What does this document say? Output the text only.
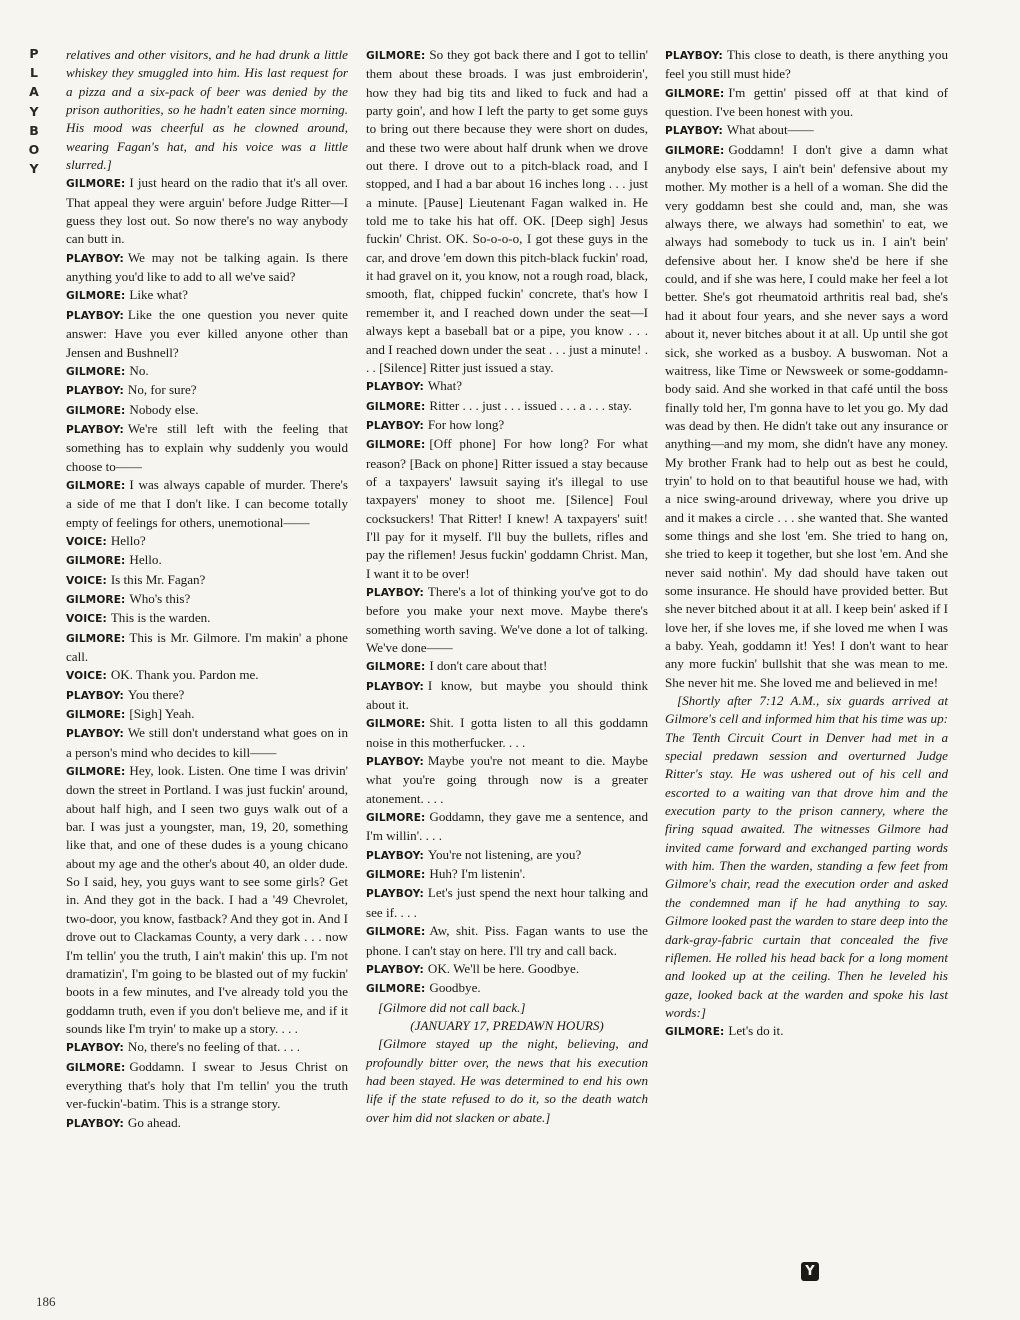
P
L
A
Y
B
O
Y

relatives and other visitors, and he had drunk a little whiskey they smuggled into him. His last request for a pizza and a six-pack of beer was denied by the prison authorities, so he hadn't eaten since morning. His mood was cheerful as he clowned around, wearing Fagan's hat, and his voice was a little slurred.]

GILMORE: I just heard on the radio that it's all over. That appeal they were arguin' before Judge Ritter—I guess they lost out. So now there's no way anybody can butt in.

PLAYBOY: We may not be talking again. Is there anything you'd like to add to all we've said?

GILMORE: Like what?

PLAYBOY: Like the one question you never quite answer: Have you ever killed anyone other than Jensen and Bushnell?

GILMORE: No.

PLAYBOY: No, for sure?

GILMORE: Nobody else.

PLAYBOY: We're still left with the feeling that something has to explain why suddenly you would choose to——

GILMORE: I was always capable of murder. There's a side of me that I don't like. I can become totally empty of feelings for others, unemotional——

VOICE: Hello?

GILMORE: Hello.

VOICE: Is this Mr. Fagan?

GILMORE: Who's this?

VOICE: This is the warden.

GILMORE: This is Mr. Gilmore. I'm makin' a phone call.

VOICE: OK. Thank you. Pardon me.

PLAYBOY: You there?

GILMORE: [Sigh] Yeah.

PLAYBOY: We still don't understand what goes on in a person's mind who decides to kill——

GILMORE: Hey, look. Listen. One time I was drivin' down the street in Portland. I was just fuckin' around, about half high, and I seen two guys walk out of a bar. I was just a youngster, man, 19, 20, something like that, and one of these dudes is a young chicano about my age and the other's about 40, an older dude. So I said, hey, you guys want to see some girls? Get in. And they got in the back. I had a '49 Chevrolet, two-door, you know, fastback? And they got in. And I drove out to Clackamas County, a very dark . . . now I'm tellin' you the truth, I ain't makin' this up. I'm not dramatizin', I'm going to be blasted out of my fuckin' boots in a few minutes, and I've already told you the goddamn truth, even if you don't believe me, and if it sounds like I'm tryin' to make up a story. . . .

PLAYBOY: No, there's no feeling of that. . . .

GILMORE: Goddamn. I swear to Jesus Christ on everything that's holy that I'm tellin' you the truth ver-fuckin'-batim. This is a strange story.

PLAYBOY: Go ahead.

GILMORE: So they got back there and I got to tellin' them about these broads. I was just embroiderin', how they had big tits and liked to fuck and had a party goin', and how I left the party to get some guys to bring out there because they were short on dudes, and these two were about half drunk when we drove out there. I drove out to a pitch-black road, and I stopped, and I had a bar about 16 inches long . . . just a minute. [Pause] Lieutenant Fagan walked in. He told me to take his hat off. OK. [Deep sigh] Jesus fuckin' Christ. OK. So-o-o-o, I got these guys in the car, and drove 'em down this pitch-black fuckin' road, it had gravel on it, you know, not a rough road, black, smooth, flat, chipped fuckin' concrete, that's how I remember it, and I reached down under the seat—I always kept a baseball bat or a pipe, you know . . . and I reached down under the seat . . . just a minute! . . . [Silence] Ritter just issued a stay.

PLAYBOY: What?

GILMORE: Ritter . . . just . . . issued . . . a . . . stay.

PLAYBOY: For how long?

GILMORE: [Off phone] For how long? For what reason? [Back on phone] Ritter issued a stay because of a taxpayers' lawsuit saying it's illegal to use taxpayers' money to shoot me. [Silence] Foul cocksuckers! That Ritter! I knew! A taxpayers' suit! I'll pay for it myself. I'll buy the bullets, rifles and pay the riflemen! Jesus fuckin' goddamn Christ. Man, I want it to be over!

PLAYBOY: There's a lot of thinking you've got to do before you make your next move. Maybe there's something worth saving. We've done a lot of talking. We've done——

GILMORE: I don't care about that!

PLAYBOY: I know, but maybe you should think about it.

GILMORE: Shit. I gotta listen to all this goddamn noise in this motherfucker. . . .

PLAYBOY: Maybe you're not meant to die. Maybe what you're going through now is a greater atonement. . . .

GILMORE: Goddamn, they gave me a sentence, and I'm willin'. . . .

PLAYBOY: You're not listening, are you?

GILMORE: Huh? I'm listenin'.

PLAYBOY: Let's just spend the next hour talking and see if. . . .

GILMORE: Aw, shit. Piss. Fagan wants to use the phone. I can't stay on here. I'll try and call back.

PLAYBOY: OK. We'll be here. Goodbye.

GILMORE: Goodbye.

[Gilmore did not call back.]

(JANUARY 17, PREDAWN HOURS)

[Gilmore stayed up the night, believing, and profoundly bitter over, the news that his execution had been stayed. He was determined to end his own life if the state refused to do it, so the death watch over him did not slacken or abate.]

PLAYBOY: This close to death, is there anything you feel you still must hide?

GILMORE: I'm gettin' pissed off at that kind of question. I've been honest with you.

PLAYBOY: What about——

GILMORE: Goddamn! I don't give a damn what anybody else says, I ain't bein' defensive about my mother. My mother is a hell of a woman. She did the very goddamn best she could and, man, she was always there, we always had somethin' to eat, we always had somebody to tuck us in. I ain't bein' defensive about her. I know she'd be here if she could, and if she was here, I could make her feel a lot better. She's got rheumatoid arthritis real bad, she's had it about four years, and she never says a word about it, never bitches about it at all. Up until she got sick, she worked as a busboy. A buswoman. Not a waitress, like Time or Newsweek or some-goddamn-body said. And she worked in that café until the boss finally told her, I'm gonna have to let you go. My dad was dead by then. He didn't take out any insurance or anything—and my mom, she didn't have any money. My brother Frank had to help out as best he could, tryin' to hold on to that beautiful house we had, with a nice swing-around driveway, where you drive up and it makes a circle . . . she wanted that. She wanted some things and she lost 'em. She tried to hang on, she tried to keep it together, but she lost 'em. And she never said nothin'. My dad should have taken out some insurance. He should have provided better. But she never bitched about it at all. I keep bein' asked if I love her, if she loves me, if she loved me when I was a baby. Yeah, goddamn it! Yes! I don't want to hear any more fuckin' bullshit that she was mean to me. She never hit me. She loved me and believed in me!

[Shortly after 7:12 A.M., six guards arrived at Gilmore's cell and informed him that his time was up: The Tenth Circuit Court in Denver had met in a special predawn session and overturned Judge Ritter's stay. He was ushered out of his cell and escorted to a waiting van that drove him and the execution party to the prison cannery, where the firing squad awaited. The witnesses Gilmore had invited came forward and exchanged parting words with him. Then the warden, standing a few feet from Gilmore's chair, read the execution order and asked the condemned man if he had anything to say. Gilmore looked past the warden to stare deep into the dark-gray-fabric curtain that concealed the five riflemen. He rolled his head back for a long moment and looked up at the ceiling. Then he leveled his gaze, looked back at the warden and spoke his last words:]

GILMORE: Let's do it.

186
Y
